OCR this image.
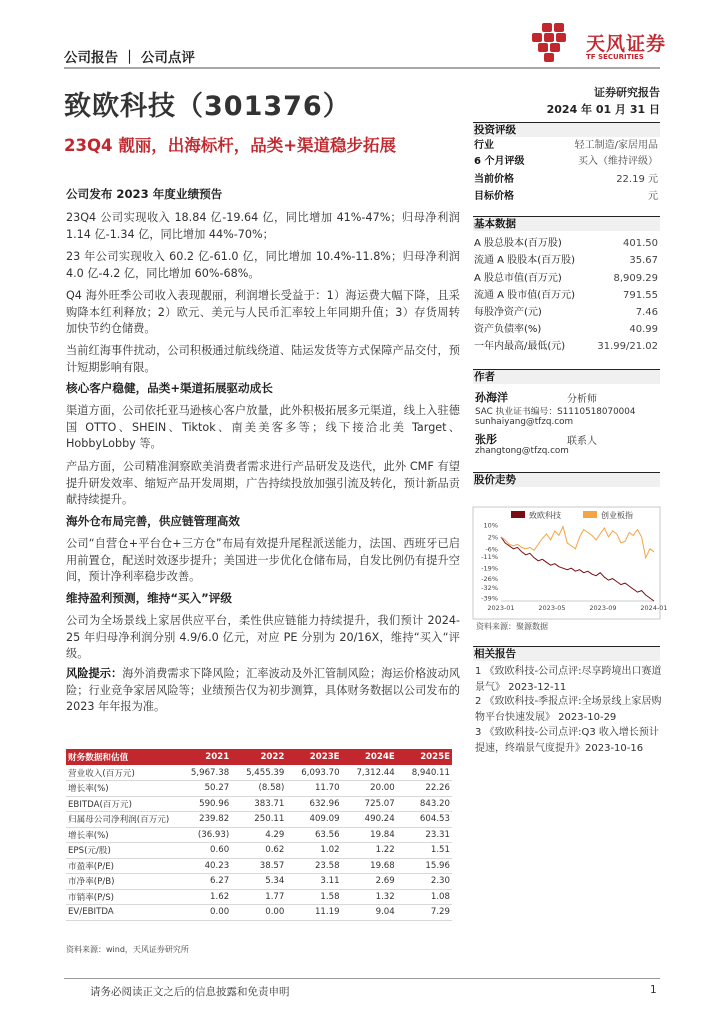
公司报告 ｜ 公司点评
天风证券
TF SECURITIES
致欧科技（301376）	证券研究报告
2024 年 01 月 31 日
23Q4 靓丽，出海标杆，品类+渠道稳步拓展
公司发布 2023 年度业绩预告
23Q4 公司实现收入 18.84 亿-19.64 亿，同比增加 41%-47%；归母净利润 1.14 亿-1.34 亿，同比增加 44%-70%；
23 年公司实现收入 60.2 亿-61.0 亿，同比增加 10.4%-11.8%；归母净利润 4.0 亿-4.2 亿，同比增加 60%-68%。
Q4 海外旺季公司收入表现靓丽，利润增长受益于：1）海运费大幅下降，且采购降本红利释放；2）欧元、美元与人民币汇率较上年同期升值；3）存货周转加快节约仓储费。
当前红海事件扰动，公司积极通过航线绕道、陆运发货等方式保障产品交付，预计短期影响有限。
核心客户稳健，品类+渠道拓展驱动成长
渠道方面，公司依托亚马逊核心客户放量，此外积极拓展多元渠道，线上入驻德国 OTTO、SHEIN、Tiktok、南美美客多等；线下接洽北美 Target、HobbyLobby 等。
产品方面，公司精准洞察欧美消费者需求进行产品研发及迭代，此外 CMF 有望提升研发效率、缩短产品开发周期，广告持续投放加强引流及转化，预计新品贡献持续提升。
海外仓布局完善，供应链管理高效
公司“自营仓+平台仓+三方仓”布局有效提升尾程派送能力，法国、西班牙已启用前置仓，配送时效逐步提升；美国进一步优化仓储布局，自发比例仍有提升空间，预计净利率稳步改善。
维持盈利预测，维持“买入”评级
公司为全场景线上家居供应平台，柔性供应链能力持续提升，我们预计 2024-25 年归母净利润分别 4.9/6.0 亿元，对应 PE 分别为 20/16X，维持“买入“评级。
风险提示：海外消费需求下降风险；汇率波动及外汇管制风险；海运价格波动风险；行业竞争家居风险等；业绩预告仅为初步测算，具体财务数据以公司发布的 2023 年年报为准。
投资评级
行业	轻工制造/家居用品
6 个月评级	买入（维持评级）
当前价格	22.19 元
目标价格	元
基本数据
A 股总股本(百万股)	401.50
流通 A 股股本(百万股)	35.67
A 股总市值(百万元)	8,909.29
流通 A 股市值(百万元)	791.55
每股净资产(元)	7.46
资产负债率(%)	40.99
一年内最高/最低(元)	31.99/21.02
作者
孙海洋	分析师
SAC 执业证书编号：S1110518070004
sunhaiyang@tfzq.com
张彤	联系人
zhangtong@tfzq.com
股价走势
致欧科技	创业板指
10%
2%
-6%
-11%
-19%
-26%
-32%
-39%
2023-01	2023-05	2023-09	2024-01
资料来源：聚源数据
相关报告
1 《致欧科技-公司点评:尽享跨境出口赛道景气》 2023-12-11
2 《致欧科技-季报点评:全场景线上家居购物平台快速发展》 2023-10-29
3 《致欧科技-公司点评:Q3 收入增长预计提速，终端景气度提升》2023-10-16
财务数据和估值	2021	2022	2023E	2024E	2025E
营业收入(百万元)	5,967.38	5,455.39	6,093.70	7,312.44	8,940.11
增长率(%)	50.27	(8.58)	11.70	20.00	22.26
EBITDA(百万元)	590.96	383.71	632.96	725.07	843.20
归属母公司净利润(百万元)	239.82	250.11	409.09	490.24	604.53
增长率(%)	(36.93)	4.29	63.56	19.84	23.31
EPS(元/股)	0.60	0.62	1.02	1.22	1.51
市盈率(P/E)	40.23	38.57	23.58	19.68	15.96
市净率(P/B)	6.27	5.34	3.11	2.69	2.30
市销率(P/S)	1.62	1.77	1.58	1.32	1.08
EV/EBITDA	0.00	0.00	11.19	9.04	7.29
资料来源：wind，天风证券研究所
请务必阅读正文之后的信息披露和免责申明	1
